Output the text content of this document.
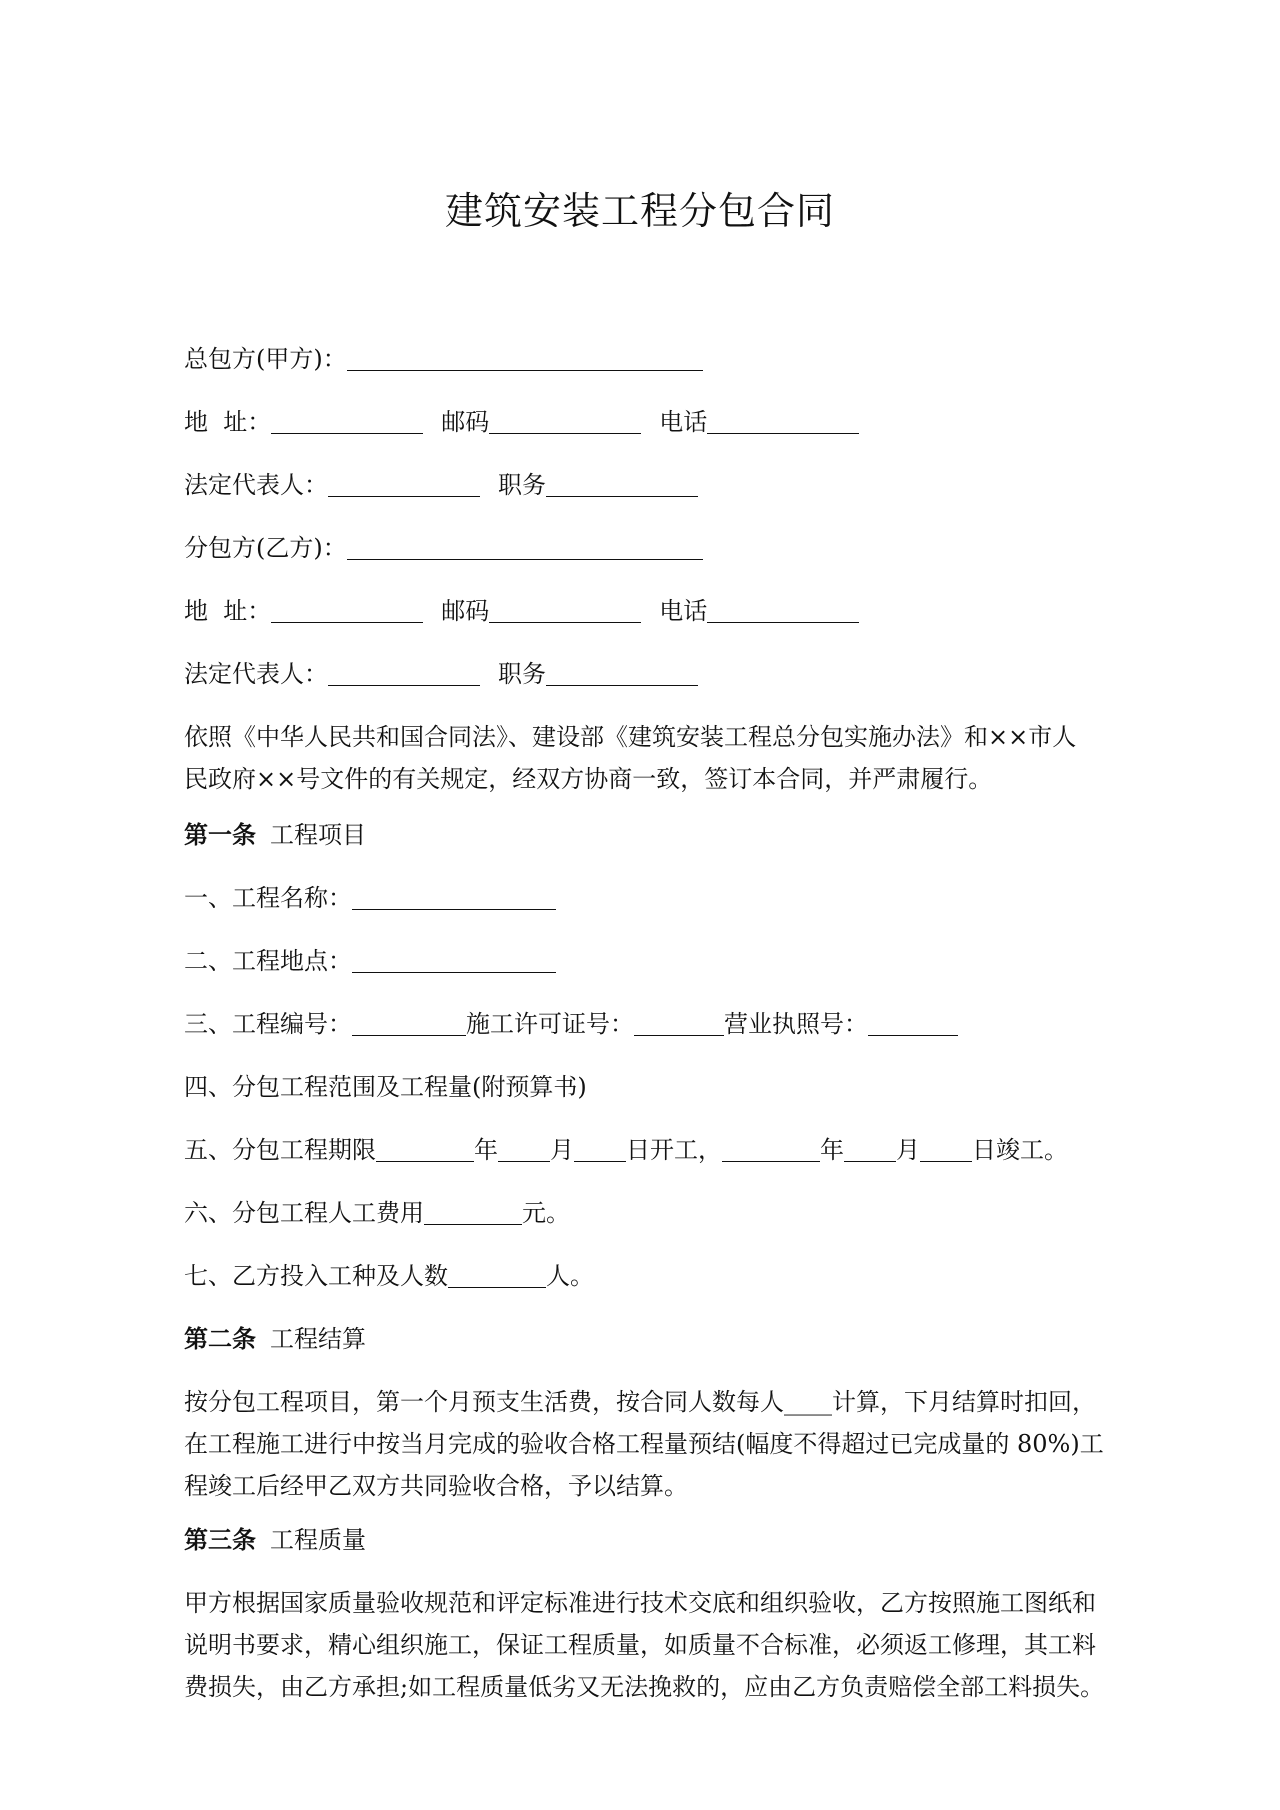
建筑安装工程分包合同
总包方(甲方)：
地  址：	邮码	电话
法定代表人：	职务
分包方(乙方)：
地  址：	邮码	电话
法定代表人：	职务
依照《中华人民共和国合同法》、建设部《建筑安装工程总分包实施办法》和××市人
民政府××号文件的有关规定，经双方协商一致，签订本合同，并严肃履行。
第一条 工程项目
一、工程名称：
二、工程地点：
三、工程编号：	施工许可证号：	营业执照号：
四、分包工程范围及工程量(附预算书)
五、分包工程期限	年 月 日开工，	年 月 日竣工。
六、分包工程人工费用	元。
七、乙方投入工种及人数	人。
第二条 工程结算
按分包工程项目，第一个月预支生活费，按合同人数每人____计算，下月结算时扣回，
在工程施工进行中按当月完成的验收合格工程量预结(幅度不得超过已完成量的 80%)工
程竣工后经甲乙双方共同验收合格，予以结算。
第三条 工程质量
甲方根据国家质量验收规范和评定标准进行技术交底和组织验收，乙方按照施工图纸和
说明书要求，精心组织施工，保证工程质量，如质量不合标准，必须返工修理，其工料
费损失，由乙方承担;如工程质量低劣又无法挽救的，应由乙方负责赔偿全部工料损失。
